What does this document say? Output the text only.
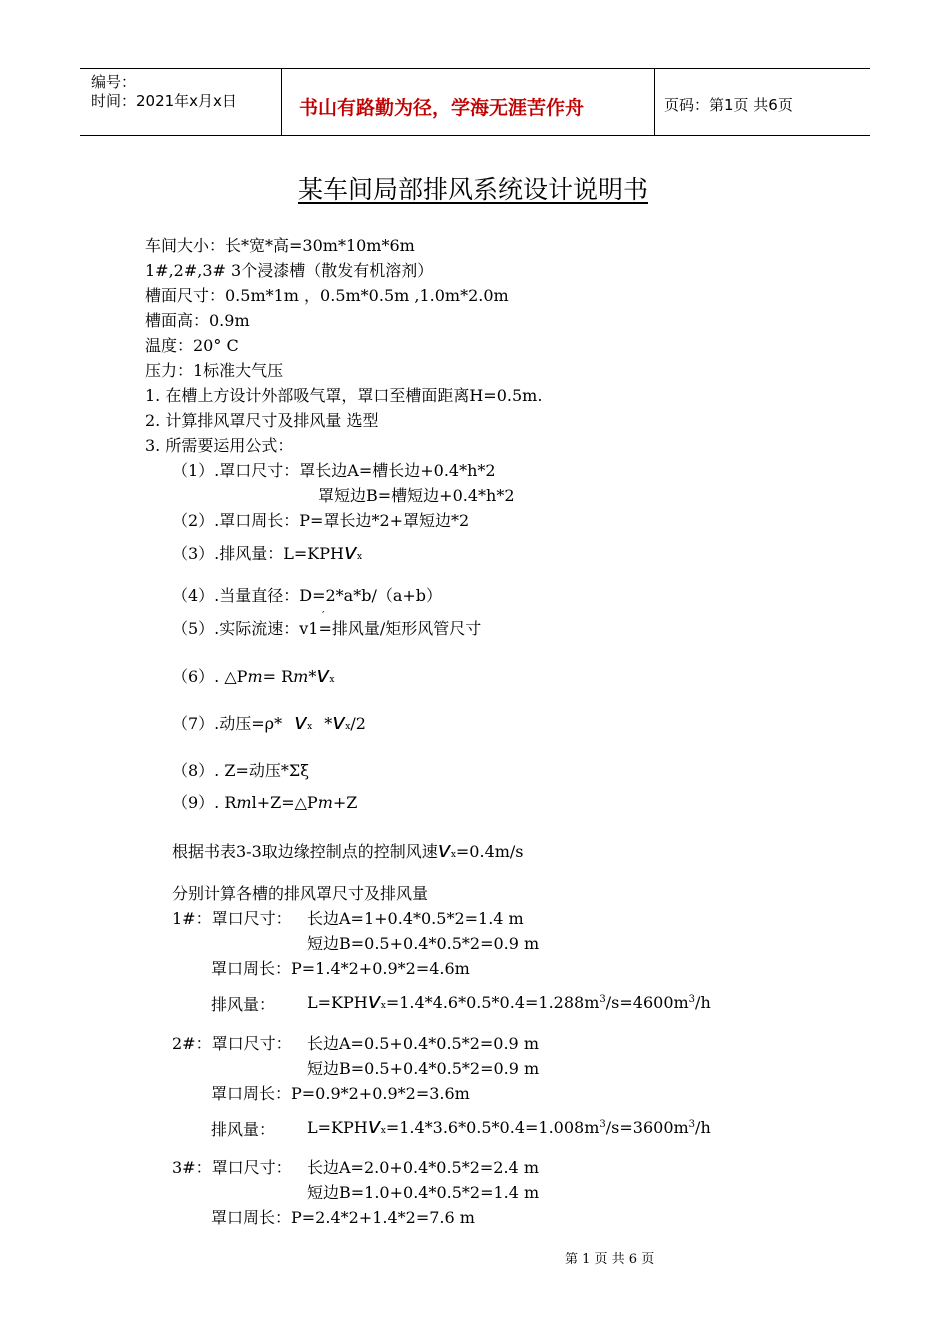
编号：
时间：2021年x月x日	书山有路勤为径，学海无涯苦作舟	页码：第1页 共6页
某车间局部排风系统设计说明书
车间大小：长*宽*高=30m*10m*6m
1#,2#,3# 3个浸漆槽（散发有机溶剂）
槽面尺寸：0.5m*1m ，0.5m*0.5m ,1.0m*2.0m
槽面高：0.9m
温度：20° C
压力：1标准大气压
1. 在槽上方设计外部吸气罩，罩口至槽面距离H=0.5m.
2. 计算排风罩尺寸及排风量 选型
3. 所需要运用公式：
（1）.罩口尺寸：罩长边A=槽长边+0.4*h*2
罩短边B=槽短边+0.4*h*2
（2）.罩口周长：P=罩长边*2+罩短边*2
（3）.排风量：L=KPHvx
（4）.当量直径：D=2*a*b/（a+b）
′
（5）.实际流速：v1=排风量/矩形风管尺寸
（6）. △Pm= Rm*vx
（7）.动压=ρ* vx *vx/2
（8）. Z=动压*Σξ
（9）. Rml+Z=△Pm+Z
根据书表3-3取边缘控制点的控制风速vx=0.4m/s
分别计算各槽的排风罩尺寸及排风量
1#：罩口尺寸： 长边A=1+0.4*0.5*2=1.4 m
短边B=0.5+0.4*0.5*2=0.9 m
罩口周长：P=1.4*2+0.9*2=4.6m
排风量： $L=KPHvx=1.4*4.6*0.5*0.4=1.288m^3/s=4600m^3/h$
2#：罩口尺寸： 长边A=0.5+0.4*0.5*2=0.9 m
短边B=0.5+0.4*0.5*2=0.9 m
罩口周长：P=0.9*2+0.9*2=3.6m
排风量： $L=KPHvx=1.4*3.6*0.5*0.4=1.008m^3/s=3600m^3/h$
3#：罩口尺寸： 长边A=2.0+0.4*0.5*2=2.4 m
短边B=1.0+0.4*0.5*2=1.4 m
罩口周长：P=2.4*2+1.4*2=7.6 m
第 1 页 共 6 页
